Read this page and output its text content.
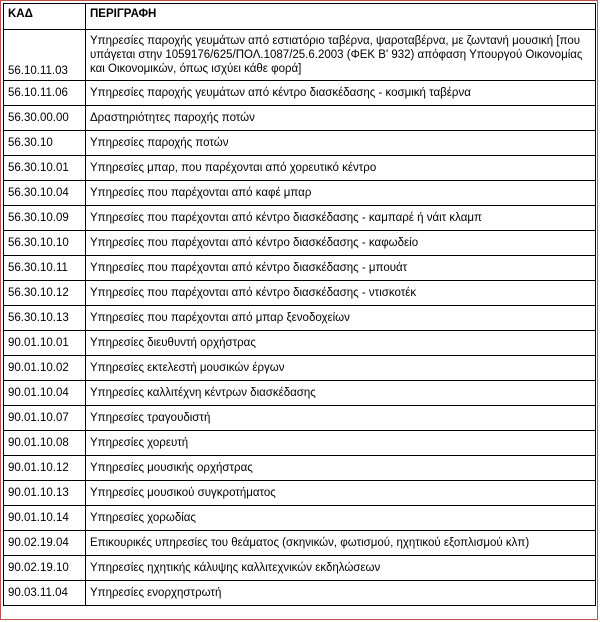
ΚΑΔ	ΠΕΡΙΓΡΑΦΗ
56.10.11.03	Υπηρεσίες παροχής γευμάτων από εστιατόριο ταβέρνα, ψαροταβέρνα, με ζωντανή μουσική [που υπάγεται στην 1059176/625/ΠΟΛ.1087/25.6.2003 (ΦΕΚ Β' 932) απόφαση Υπουργού Οικονομίας και Οικονομικών, όπως ισχύει κάθε φορά]
56.10.11.06	Υπηρεσίες παροχής γευμάτων από κέντρο διασκέδασης - κοσμική ταβέρνα
56.30.00.00	Δραστηριότητες παροχής ποτών
56.30.10	Υπηρεσίες παροχής ποτών
56.30.10.01	Υπηρεσίες μπαρ, που παρέχονται από χορευτικό κέντρο
56.30.10.04	Υπηρεσίες που παρέχονται από καφέ μπαρ
56.30.10.09	Υπηρεσίες που παρέχονται από κέντρο διασκέδασης - καμπαρέ ή νάιτ κλαμπ
56.30.10.10	Υπηρεσίες που παρέχονται από κέντρο διασκέδασης - καφωδείο
56.30.10.11	Υπηρεσίες που παρέχονται από κέντρο διασκέδασης - μπουάτ
56.30.10.12	Υπηρεσίες που παρέχονται από κέντρο διασκέδασης - ντισκοτέκ
56.30.10.13	Υπηρεσίες που παρέχονται από μπαρ ξενοδοχείων
90.01.10.01	Υπηρεσίες διευθυντή ορχήστρας
90.01.10.02	Υπηρεσίες εκτελεστή μουσικών έργων
90.01.10.04	Υπηρεσίες καλλιτέχνη κέντρων διασκέδασης
90.01.10.07	Υπηρεσίες τραγουδιστή
90.01.10.08	Υπηρεσίες χορευτή
90.01.10.12	Υπηρεσίες μουσικής ορχήστρας
90.01.10.13	Υπηρεσίες μουσικού συγκροτήματος
90.01.10.14	Υπηρεσίες χορωδίας
90.02.19.04	Επικουρικές υπηρεσίες του θεάματος (σκηνικών, φωτισμού, ηχητικού εξοπλισμού κλπ)
90.02.19.10	Υπηρεσίες ηχητικής κάλυψης καλλιτεχνικών εκδηλώσεων
90.03.11.04	Υπηρεσίες ενορχηστρωτή
